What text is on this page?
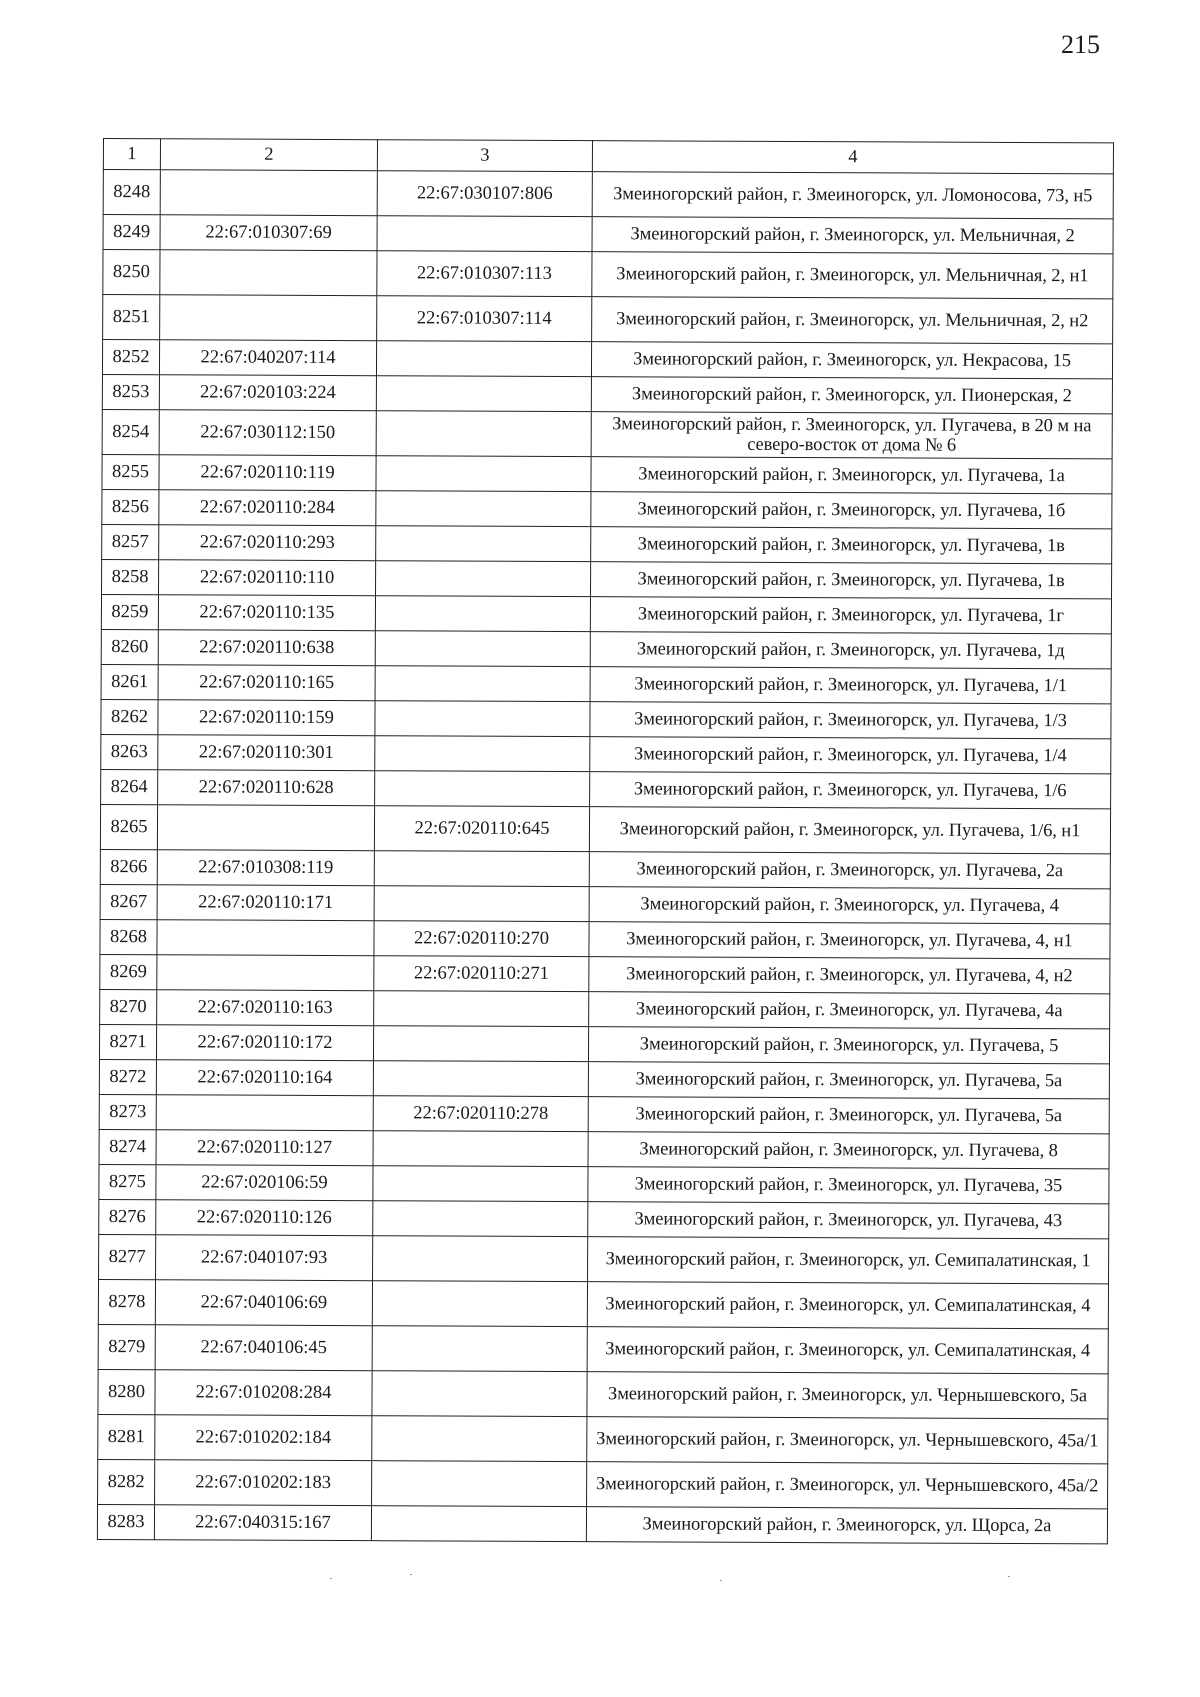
215
1	2	3	4
8248		22:67:030107:806	Змеиногорский район, г. Змеиногорск, ул. Ломоносова, 73, н5
8249	22:67:010307:69		Змеиногорский район, г. Змеиногорск, ул. Мельничная, 2
8250		22:67:010307:113	Змеиногорский район, г. Змеиногорск, ул. Мельничная, 2, н1
8251		22:67:010307:114	Змеиногорский район, г. Змеиногорск, ул. Мельничная, 2, н2
8252	22:67:040207:114		Змеиногорский район, г. Змеиногорск, ул. Некрасова, 15
8253	22:67:020103:224		Змеиногорский район, г. Змеиногорск, ул. Пионерская, 2
8254	22:67:030112:150		Змеиногорский район, г. Змеиногорск, ул. Пугачева, в 20 м на северо-восток от дома № 6
8255	22:67:020110:119		Змеиногорский район, г. Змеиногорск, ул. Пугачева, 1а
8256	22:67:020110:284		Змеиногорский район, г. Змеиногорск, ул. Пугачева, 1б
8257	22:67:020110:293		Змеиногорский район, г. Змеиногорск, ул. Пугачева, 1в
8258	22:67:020110:110		Змеиногорский район, г. Змеиногорск, ул. Пугачева, 1в
8259	22:67:020110:135		Змеиногорский район, г. Змеиногорск, ул. Пугачева, 1г
8260	22:67:020110:638		Змеиногорский район, г. Змеиногорск, ул. Пугачева, 1д
8261	22:67:020110:165		Змеиногорский район, г. Змеиногорск, ул. Пугачева, 1/1
8262	22:67:020110:159		Змеиногорский район, г. Змеиногорск, ул. Пугачева, 1/3
8263	22:67:020110:301		Змеиногорский район, г. Змеиногорск, ул. Пугачева, 1/4
8264	22:67:020110:628		Змеиногорский район, г. Змеиногорск, ул. Пугачева, 1/6
8265		22:67:020110:645	Змеиногорский район, г. Змеиногорск, ул. Пугачева, 1/6, н1
8266	22:67:010308:119		Змеиногорский район, г. Змеиногорск, ул. Пугачева, 2а
8267	22:67:020110:171		Змеиногорский район, г. Змеиногорск, ул. Пугачева, 4
8268		22:67:020110:270	Змеиногорский район, г. Змеиногорск, ул. Пугачева, 4, н1
8269		22:67:020110:271	Змеиногорский район, г. Змеиногорск, ул. Пугачева, 4, н2
8270	22:67:020110:163		Змеиногорский район, г. Змеиногорск, ул. Пугачева, 4а
8271	22:67:020110:172		Змеиногорский район, г. Змеиногорск, ул. Пугачева, 5
8272	22:67:020110:164		Змеиногорский район, г. Змеиногорск, ул. Пугачева, 5а
8273		22:67:020110:278	Змеиногорский район, г. Змеиногорск, ул. Пугачева, 5а
8274	22:67:020110:127		Змеиногорский район, г. Змеиногорск, ул. Пугачева, 8
8275	22:67:020106:59		Змеиногорский район, г. Змеиногорск, ул. Пугачева, 35
8276	22:67:020110:126		Змеиногорский район, г. Змеиногорск, ул. Пугачева, 43
8277	22:67:040107:93		Змеиногорский район, г. Змеиногорск, ул. Семипалатинская, 1
8278	22:67:040106:69		Змеиногорский район, г. Змеиногорск, ул. Семипалатинская, 4
8279	22:67:040106:45		Змеиногорский район, г. Змеиногорск, ул. Семипалатинская, 4
8280	22:67:010208:284		Змеиногорский район, г. Змеиногорск, ул. Чернышевского, 5а
8281	22:67:010202:184		Змеиногорский район, г. Змеиногорск, ул. Чернышевского, 45а/1
8282	22:67:010202:183		Змеиногорский район, г. Змеиногорск, ул. Чернышевского, 45а/2
8283	22:67:040315:167		Змеиногорский район, г. Змеиногорск, ул. Щорса, 2а
